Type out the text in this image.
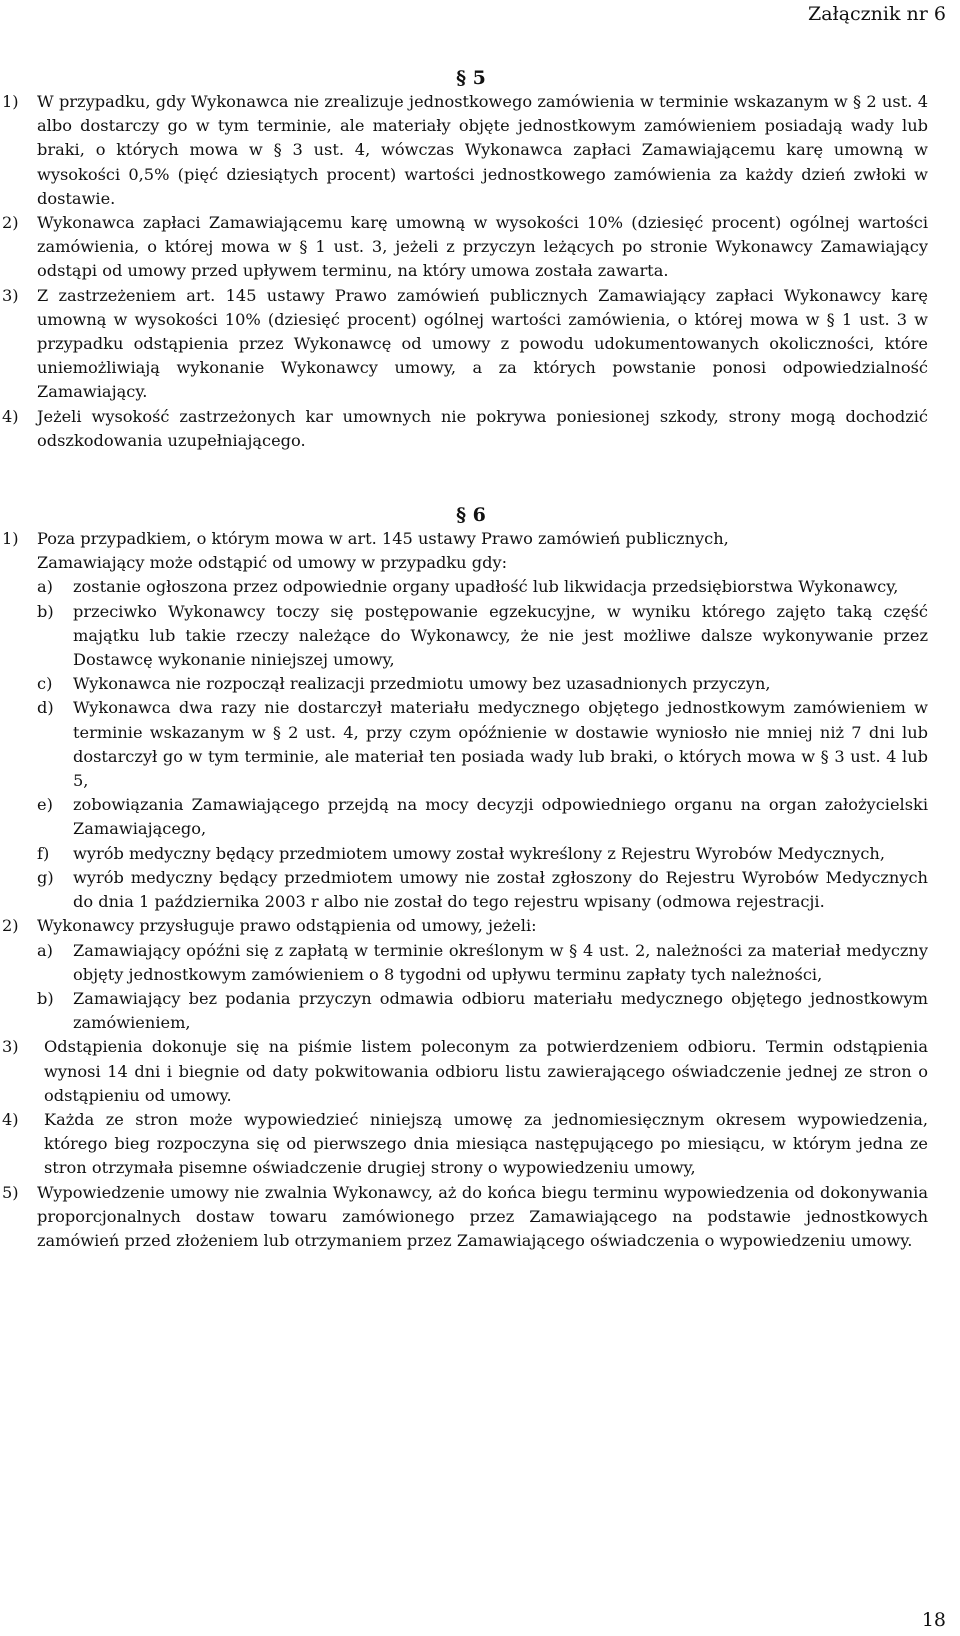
Załącznik nr 6
§ 5
1) W przypadku, gdy Wykonawca nie zrealizuje jednostkowego zamówienia w terminie wskazanym w § 2 ust. 4 albo dostarczy go w tym terminie, ale materiały objęte jednostkowym zamówieniem posiadają wady lub braki, o których mowa w § 3 ust. 4, wówczas Wykonawca zapłaci Zamawiającemu karę umowną w wysokości 0,5% (pięć dziesiątych procent) wartości jednostkowego zamówienia za każdy dzień zwłoki w dostawie.
2) Wykonawca zapłaci Zamawiającemu karę umowną w wysokości 10% (dziesięć procent) ogólnej wartości zamówienia, o której mowa w § 1 ust. 3, jeżeli z przyczyn leżących po stronie Wykonawcy Zamawiający odstąpi od umowy przed upływem terminu, na który umowa została zawarta.
3) Z zastrzeżeniem art. 145 ustawy Prawo zamówień publicznych Zamawiający zapłaci Wykonawcy karę umowną w wysokości 10% (dziesięć procent) ogólnej wartości zamówienia, o której mowa w § 1 ust. 3 w przypadku odstąpienia przez Wykonawcę od umowy z powodu udokumentowanych okoliczności, które uniemożliwiają wykonanie Wykonawcy umowy, a za których powstanie ponosi odpowiedzialność Zamawiający.
4) Jeżeli wysokość zastrzeżonych kar umownych nie pokrywa poniesionej szkody, strony mogą dochodzić odszkodowania uzupełniającego.
§ 6
1) Poza przypadkiem, o którym mowa w art. 145 ustawy Prawo zamówień publicznych,
Zamawiający może odstąpić od umowy w przypadku gdy:
a) zostanie ogłoszona przez odpowiednie organy upadłość lub likwidacja przedsiębiorstwa Wykonawcy,
b) przeciwko Wykonawcy toczy się postępowanie egzekucyjne, w wyniku którego zajęto taką część majątku lub takie rzeczy należące do Wykonawcy, że nie jest możliwe dalsze wykonywanie przez Dostawcę wykonanie niniejszej umowy,
c) Wykonawca nie rozpoczął realizacji przedmiotu umowy bez uzasadnionych przyczyn,
d) Wykonawca dwa razy nie dostarczył materiału medycznego objętego jednostkowym zamówieniem w terminie wskazanym w § 2 ust. 4, przy czym opóźnienie w dostawie wyniosło nie mniej niż 7 dni lub dostarczył go w tym terminie, ale materiał ten posiada wady lub braki, o których mowa w § 3 ust. 4 lub 5,
e) zobowiązania Zamawiającego przejdą na mocy decyzji odpowiedniego organu na organ założycielski Zamawiającego,
f) wyrób medyczny będący przedmiotem umowy został wykreślony z Rejestru Wyrobów Medycznych,
g) wyrób medyczny będący przedmiotem umowy nie został zgłoszony do Rejestru Wyrobów Medycznych do dnia 1 października 2003 r albo nie został do tego rejestru wpisany (odmowa rejestracji.
2) Wykonawcy przysługuje prawo odstąpienia od umowy, jeżeli:
a) Zamawiający opóźni się z zapłatą w terminie określonym w § 4 ust. 2, należności za materiał medyczny objęty jednostkowym zamówieniem o 8 tygodni od upływu terminu zapłaty tych należności,
b) Zamawiający bez podania przyczyn odmawia odbioru materiału medycznego objętego jednostkowym zamówieniem,
3) Odstąpienia dokonuje się na piśmie listem poleconym za potwierdzeniem odbioru. Termin odstąpienia wynosi 14 dni i biegnie od daty pokwitowania odbioru listu zawierającego oświadczenie jednej ze stron o odstąpieniu od umowy.
4) Każda ze stron może wypowiedzieć niniejszą umowę za jednomiesięcznym okresem wypowiedzenia, którego bieg rozpoczyna się od pierwszego dnia miesiąca następującego po miesiącu, w którym jedna ze stron otrzymała pisemne oświadczenie drugiej strony o wypowiedzeniu umowy,
5) Wypowiedzenie umowy nie zwalnia Wykonawcy, aż do końca biegu terminu wypowiedzenia od dokonywania proporcjonalnych dostaw towaru zamówionego przez Zamawiającego na podstawie jednostkowych zamówień przed złożeniem lub otrzymaniem przez Zamawiającego oświadczenia o wypowiedzeniu umowy.
18
